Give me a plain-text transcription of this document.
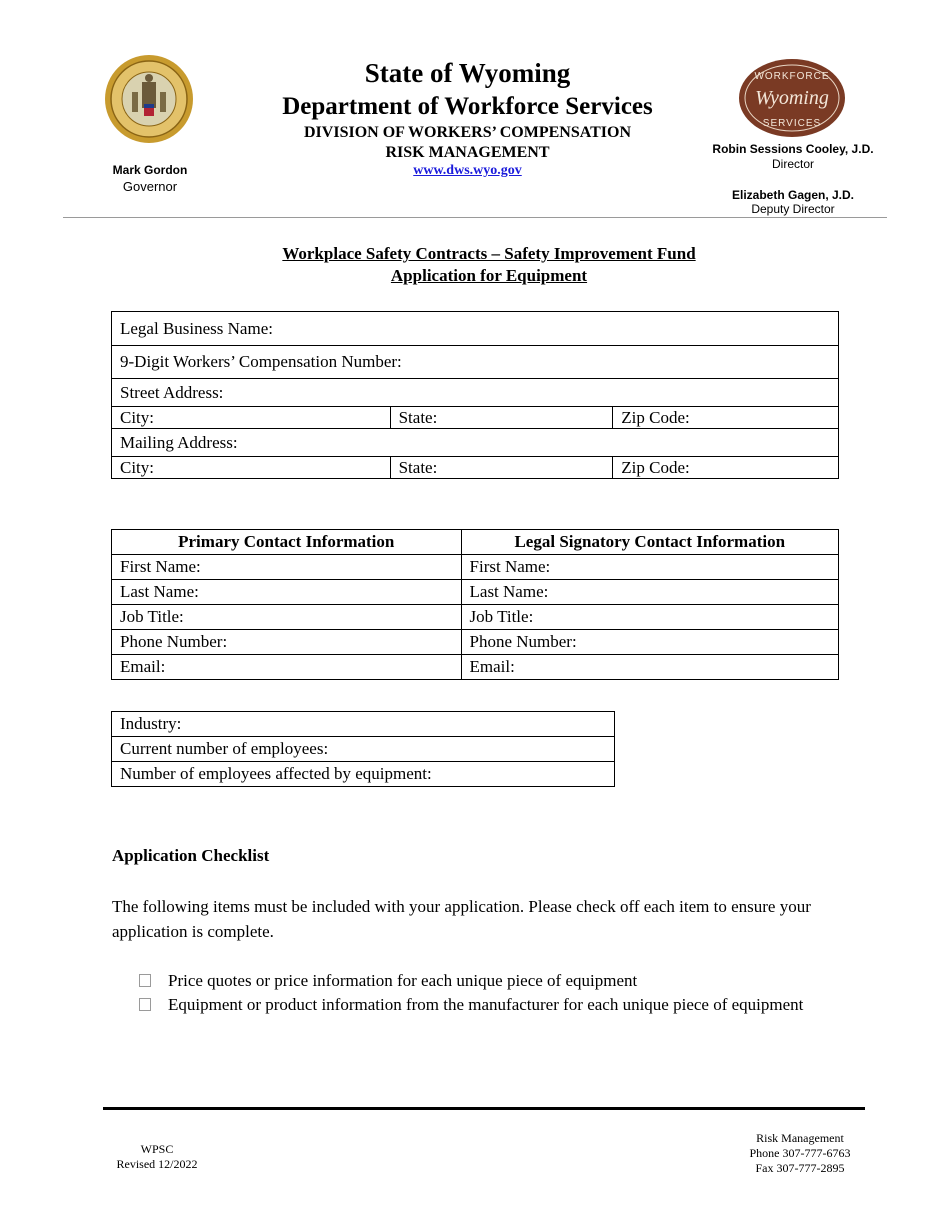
State of Wyoming
Department of Workforce Services
DIVISION OF WORKERS’ COMPENSATION
RISK MANAGEMENT
www.dws.wyo.gov
WORKFORCE
Wyoming
SERVICES
Mark Gordon
Governor
Robin Sessions Cooley, J.D.
Director
Elizabeth Gagen, J.D.
Deputy Director
Workplace Safety Contracts – Safety Improvement Fund
Application for Equipment
Legal Business Name:		
9-Digit Workers’ Compensation Number:		
Street Address:		
City:	State:	Zip Code:
Mailing Address:		
City:	State:	Zip Code:
Primary Contact Information	Legal Signatory Contact Information
First Name:	First Name:
Last Name:	Last Name:
Job Title:	Job Title:
Phone Number:	Phone Number:
Email:	Email:
Industry:
Current number of employees:
Number of employees affected by equipment:
Application Checklist
The following items must be included with your application. Please check off each item to ensure your application is complete.
Price quotes or price information for each unique piece of equipment
Equipment or product information from the manufacturer for each unique piece of equipment
WPSC
Revised 12/2022
Risk Management
Phone 307-777-6763
Fax 307-777-2895
